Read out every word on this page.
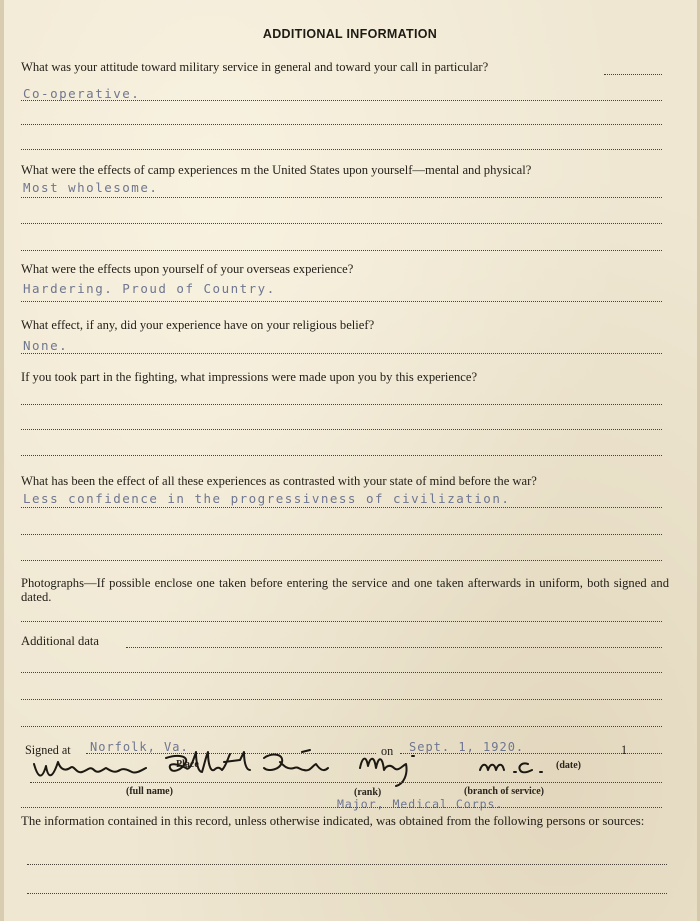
ADDITIONAL INFORMATION
What was your attitude toward military service in general and toward your call in particular?
Co-operative.
What were the effects of camp experiences m the United States upon yourself—mental and physical?
Most wholesome.
What were the effects upon yourself of your overseas experience?
Hardering. Proud of Country.
What effect, if any, did your experience have on your religious belief?
None.
If you took part in the fighting, what impressions were made upon you by this experience?
What has been the effect of all these experiences as contrasted with your state of mind before the war?
Less confidence in the progressivness of civilization.
Photographs—If possible enclose one taken before entering the service and one taken afterwards in uniform, both signed and dated.
Additional data
Signed at Norfolk, Va.	on Sept. 1, 1920.	1
Place	(date)
(full name)	(rank)	(branch of service)
Major, Medical Corps.
The information contained in this record, unless otherwise indicated, was obtained from the following persons or sources:
